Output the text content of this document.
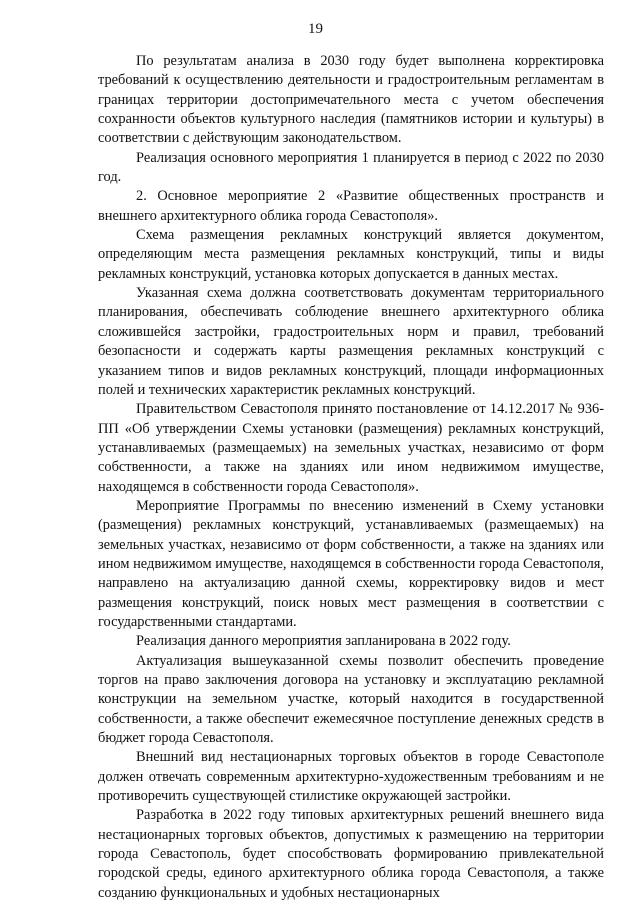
19

По результатам анализа в 2030 году будет выполнена корректировка требований к осуществлению деятельности и градостроительным регламентам в границах территории достопримечательного места с учетом обеспечения сохранности объектов культурного наследия (памятников истории и культуры) в соответствии с действующим законодательством.

Реализация основного мероприятия 1 планируется в период с 2022 по 2030 год.

2. Основное мероприятие 2 «Развитие общественных пространств и внешнего архитектурного облика города Севастополя».

Схема размещения рекламных конструкций является документом, определяющим места размещения рекламных конструкций, типы и виды рекламных конструкций, установка которых допускается в данных местах.

Указанная схема должна соответствовать документам территориального планирования, обеспечивать соблюдение внешнего архитектурного облика сложившейся застройки, градостроительных норм и правил, требований безопасности и содержать карты размещения рекламных конструкций с указанием типов и видов рекламных конструкций, площади информационных полей и технических характеристик рекламных конструкций.

Правительством Севастополя принято постановление от 14.12.2017 № 936-ПП «Об утверждении Схемы установки (размещения) рекламных конструкций, устанавливаемых (размещаемых) на земельных участках, независимо от форм собственности, а также на зданиях или ином недвижимом имуществе, находящемся в собственности города Севастополя».

Мероприятие Программы по внесению изменений в Схему установки (размещения) рекламных конструкций, устанавливаемых (размещаемых) на земельных участках, независимо от форм собственности, а также на зданиях или ином недвижимом имуществе, находящемся в собственности города Севастополя, направлено на актуализацию данной схемы, корректировку видов и мест размещения конструкций, поиск новых мест размещения в соответствии с государственными стандартами.

Реализация данного мероприятия запланирована в 2022 году.

Актуализация вышеуказанной схемы позволит обеспечить проведение торгов на право заключения договора на установку и эксплуатацию рекламной конструкции на земельном участке, который находится в государственной собственности, а также обеспечит ежемесячное поступление денежных средств в бюджет города Севастополя.

Внешний вид нестационарных торговых объектов в городе Севастополе должен отвечать современным архитектурно-художественным требованиям и не противоречить существующей стилистике окружающей застройки.

Разработка в 2022 году типовых архитектурных решений внешнего вида нестационарных торговых объектов, допустимых к размещению на территории города Севастополь, будет способствовать формированию привлекательной городской среды, единого архитектурного облика города Севастополя, а также созданию функциональных и удобных нестационарных
